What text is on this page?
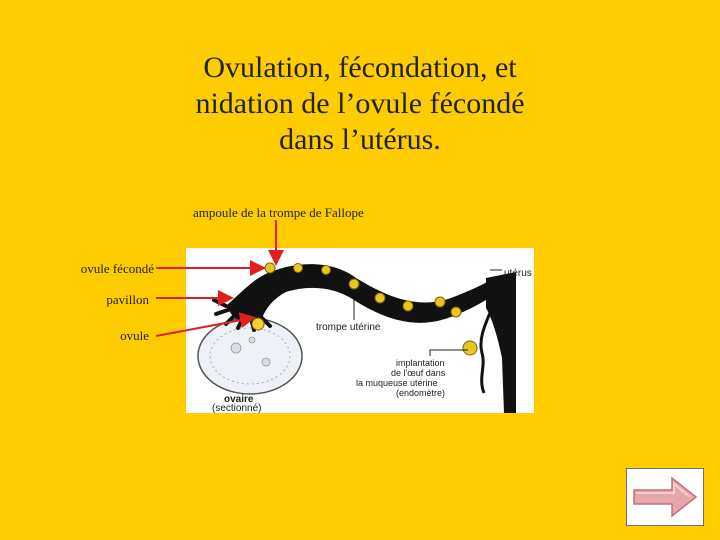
Ovulation, fécondation, et
nidation de l’ovule fécondé
dans l’utérus.
ampoule de la trompe de Fallope
ovule fécondé
pavillon
ovule
utérus
trompe utérine
implantation
de l'œuf dans
la muqueuse utérine
(endomètre)
ovaire
(sectionné)
